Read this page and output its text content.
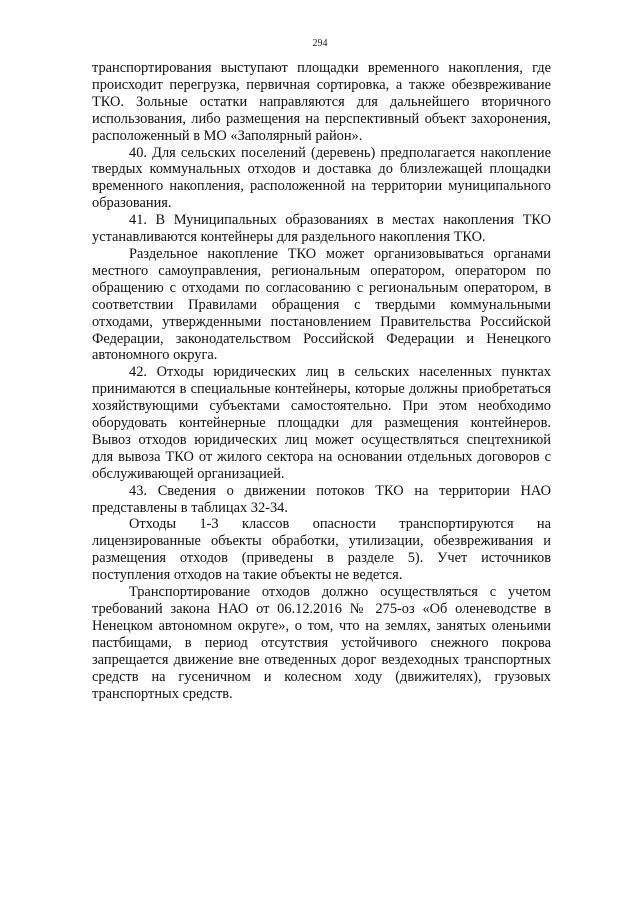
294

транспортирования выступают площадки временного накопления, где происходит перегрузка, первичная сортировка, а также обезвреживание ТКО. Зольные остатки направляются для дальнейшего вторичного использования, либо размещения на перспективный объект захоронения, расположенный в МО «Заполярный район».

40. Для сельских поселений (деревень) предполагается накопление твердых коммунальных отходов и доставка до близлежащей площадки временного накопления, расположенной на территории муниципального образования.

41. В Муниципальных образованиях в местах накопления ТКО устанавливаются контейнеры для раздельного накопления ТКО.

Раздельное накопление ТКО может организовываться органами местного самоуправления, региональным оператором, оператором по обращению с отходами по согласованию с региональным оператором, в соответствии Правилами обращения с твердыми коммунальными отходами, утвержденными постановлением Правительства Российской Федерации, законодательством Российской Федерации и Ненецкого автономного округа.

42. Отходы юридических лиц в сельских населенных пунктах принимаются в специальные контейнеры, которые должны приобретаться хозяйствующими субъектами самостоятельно. При этом необходимо оборудовать контейнерные площадки для размещения контейнеров. Вывоз отходов юридических лиц может осуществляться спецтехникой для вывоза ТКО от жилого сектора на основании отдельных договоров с обслуживающей организацией.

43. Сведения о движении потоков ТКО на территории НАО представлены в таблицах 32-34.

Отходы 1-3 классов опасности транспортируются на лицензированные объекты обработки, утилизации, обезвреживания и размещения отходов (приведены в разделе 5). Учет источников поступления отходов на такие объекты не ведется.

Транспортирование отходов должно осуществляться с учетом требований закона НАО от 06.12.2016 № 275-оз «Об оленеводстве в Ненецком автономном округе», о том, что на землях, занятых оленьими пастбищами, в период отсутствия устойчивого снежного покрова запрещается движение вне отведенных дорог вездеходных транспортных средств на гусеничном и колесном ходу (движителях), грузовых транспортных средств.
